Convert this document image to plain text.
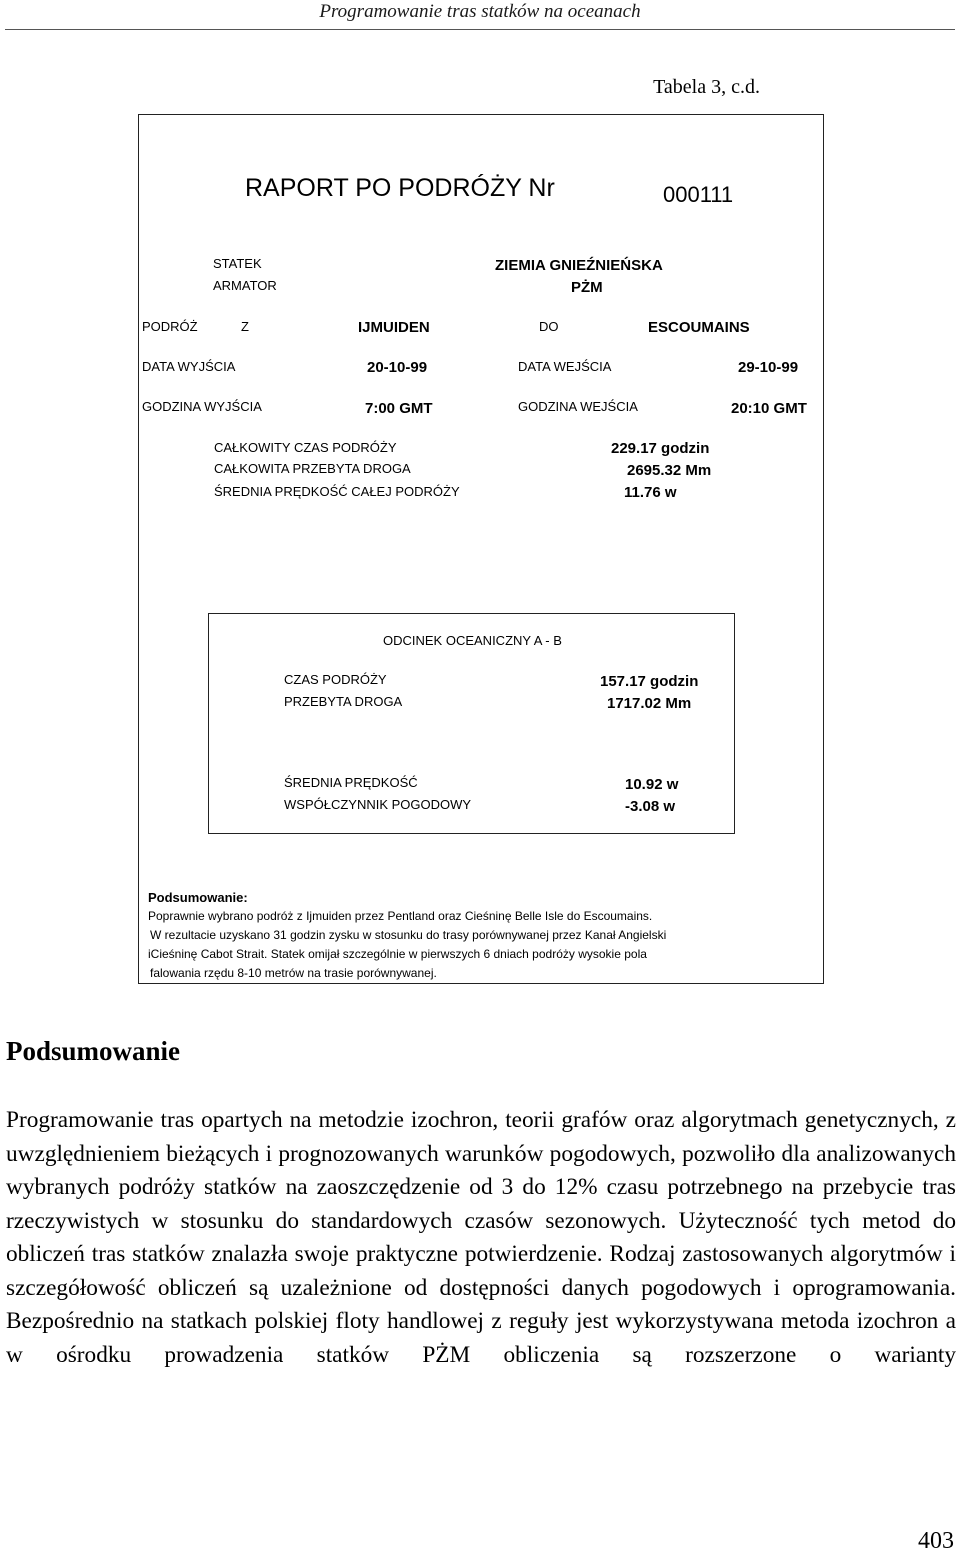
Programowanie tras statków na oceanach
Tabela 3, c.d.
RAPORT PO PODRÓŻY Nr	000111
STATEK	ZIEMIA GNIEŹNIEŃSKA
ARMATOR	PŻM
PODRÓŻ	Z	IJMUIDEN	DO	ESCOUMAINS
DATA WYJŚCIA	20-10-99	DATA WEJŚCIA	29-10-99
GODZINA WYJŚCIA	7:00 GMT	GODZINA WEJŚCIA	20:10 GMT
CAŁKOWITY CZAS PODRÓŻY	229.17 godzin
CAŁKOWITA PRZEBYTA DROGA	2695.32 Mm
ŚREDNIA PRĘDKOŚĆ CAŁEJ PODRÓŻY	11.76 w
ODCINEK OCEANICZNY A - B
CZAS PODRÓŻY	157.17 godzin
PRZEBYTA DROGA	1717.02 Mm
ŚREDNIA PRĘDKOŚĆ	10.92 w
WSPÓŁCZYNNIK POGODOWY	-3.08 w
Podsumowanie:
Poprawnie wybrano podróż z Ijmuiden przez Pentland oraz Cieśninę Belle Isle do Escoumains.
W rezultacie uzyskano 31 godzin zysku w stosunku do trasy porównywanej przez Kanał Angielski
iCieśninę Cabot Strait. Statek omijał szczególnie w pierwszych 6 dniach podróży wysokie pola
falowania rzędu 8-10 metrów na trasie porównywanej.
Podsumowanie
Programowanie tras opartych na metodzie izochron, teorii grafów oraz algorytmach genetycznych, z uwzględnieniem bieżących i prognozowanych warunków pogodowych, pozwoliło dla analizowanych wybranych podróży statków na zaoszczędzenie od 3 do 12% czasu potrzebnego na przebycie tras rzeczywistych w stosunku do standardowych czasów sezonowych. Użyteczność tych metod do obliczeń tras statków znalazła swoje praktyczne potwierdzenie. Rodzaj zastosowanych algorytmów i szczegółowość obliczeń są uzależnione od dostępności danych pogodowych i oprogramowania. Bezpośrednio na statkach polskiej floty handlowej z reguły jest wykorzystywana metoda izochron a w ośrodku prowadzenia statków PŻM obliczenia są rozszerzone o warianty
403
